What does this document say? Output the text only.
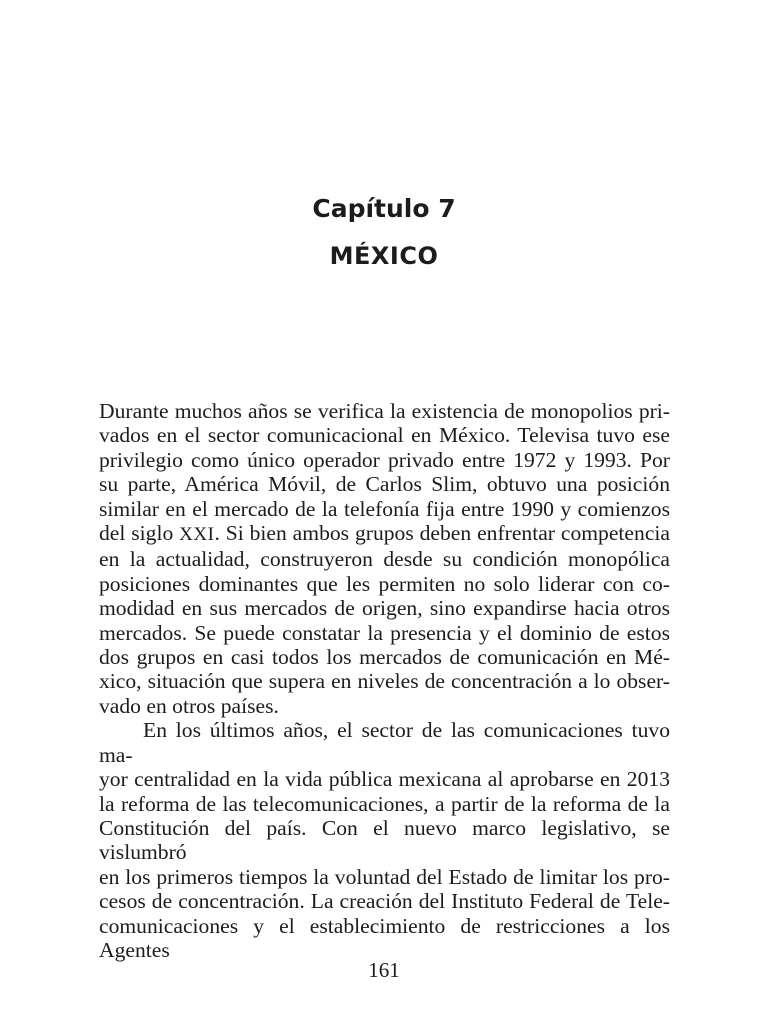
Capítulo 7
MÉXICO
Durante muchos años se verifica la existencia de monopolios pri-
vados en el sector comunicacional en México. Televisa tuvo ese
privilegio como único operador privado entre 1972 y 1993. Por
su parte, América Móvil, de Carlos Slim, obtuvo una posición
similar en el mercado de la telefonía fija entre 1990 y comienzos
del siglo XXI. Si bien ambos grupos deben enfrentar competencia
en la actualidad, construyeron desde su condición monopólica
posiciones dominantes que les permiten no solo liderar con co-
modidad en sus mercados de origen, sino expandirse hacia otros
mercados. Se puede constatar la presencia y el dominio de estos
dos grupos en casi todos los mercados de comunicación en Mé-
xico, situación que supera en niveles de concentración a lo obser-
vado en otros países.
En los últimos años, el sector de las comunicaciones tuvo ma-
yor centralidad en la vida pública mexicana al aprobarse en 2013
la reforma de las telecomunicaciones, a partir de la reforma de la
Constitución del país. Con el nuevo marco legislativo, se vislumbró
en los primeros tiempos la voluntad del Estado de limitar los pro-
cesos de concentración. La creación del Instituto Federal de Tele-
comunicaciones y el establecimiento de restricciones a los Agentes
161
